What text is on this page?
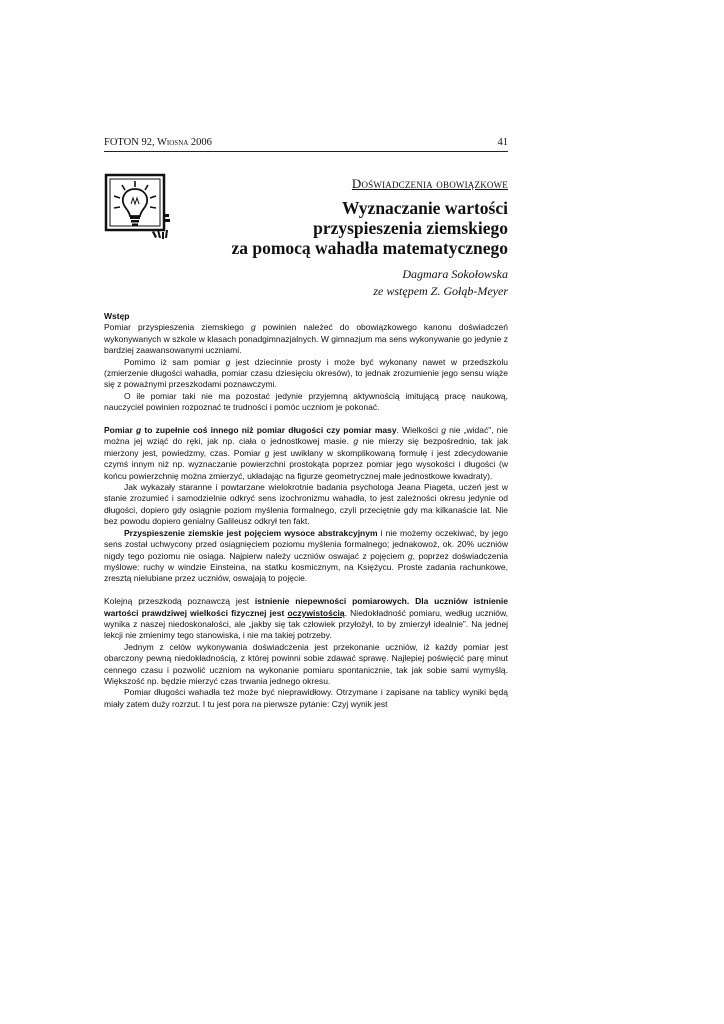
FOTON 92, Wiosna 2006	41
Doświadczenia obowiązkowe
Wyznaczanie wartości
przyspieszenia ziemskiego
za pomocą wahadła matematycznego
Dagmara Sokołowska
ze wstępem Z. Gołąb-Meyer
Wstęp

Pomiar przyspieszenia ziemskiego g powinien należeć do obowiązkowego kanonu doświadczeń wykonywanych w szkole w klasach ponadgimnazjalnych. W gimnazjum ma sens wykonywanie go jedynie z bardziej zaawansowanymi uczniami.

Pomimo iż sam pomiar g jest dziecinnie prosty i może być wykonany nawet w przedszkolu (zmierzenie długości wahadła, pomiar czasu dziesięciu okresów), to jednak zrozumienie jego sensu wiąże się z poważnymi przeszkodami poznawczymi.

O ile pomiar taki nie ma pozostać jedynie przyjemną aktywnością imitującą pracę naukową, nauczyciel powinien rozpoznać te trudności i pomóc uczniom je pokonać.

Pomiar g to zupełnie coś innego niż pomiar długości czy pomiar masy. Wielkości g nie „widać”, nie można jej wziąć do ręki, jak np. ciała o jednostkowej masie. g nie mierzy się bezpośrednio, tak jak mierzony jest, powiedzmy, czas. Pomiar g jest uwikłany w skomplikowaną formułę i jest zdecydowanie czymś innym niż np. wyznaczanie powierzchni prostokąta poprzez pomiar jego wysokości i długości (w końcu powierzchnię można zmierzyć, układając na figurze geometrycznej małe jednostkowe kwadraty).

Jak wykazały staranne i powtarzane wielokrotnie badania psychologa Jeana Piageta, uczeń jest w stanie zrozumieć i samodzielnie odkryć sens izochronizmu wahadła, to jest zależności okresu jedynie od długości, dopiero gdy osiągnie poziom myślenia formalnego, czyli przeciętnie gdy ma kilkanaście lat. Nie bez powodu dopiero genialny Galileusz odkrył ten fakt.

Przyspieszenie ziemskie jest pojęciem wysoce abstrakcyjnym i nie możemy oczekiwać, by jego sens został uchwycony przed osiągnięciem poziomu myślenia formalnego; jednakowoż, ok. 20% uczniów nigdy tego poziomu nie osiąga. Najpierw należy uczniów oswajać z pojęciem g, poprzez doświadczenia myślowe: ruchy w windzie Einsteina, na statku kosmicznym, na Księżycu. Proste zadania rachunkowe, zresztą nielubiane przez uczniów, oswajają to pojęcie.

Kolejną przeszkodą poznawczą jest istnienie niepewności pomiarowych. Dla uczniów istnienie wartości prawdziwej wielkości fizycznej jest oczywistością. Niedokładność pomiaru, według uczniów, wynika z naszej niedoskonałości, ale „jakby się tak człowiek przyłożył, to by zmierzył idealnie”. Na jednej lekcji nie zmienimy tego stanowiska, i nie ma takiej potrzeby.

Jednym z celów wykonywania doświadczenia jest przekonanie uczniów, iż każdy pomiar jest obarczony pewną niedokładnością, z której powinni sobie zdawać sprawę. Najlepiej poświęcić parę minut cennego czasu i pozwolić uczniom na wykonanie pomiaru spontanicznie, tak jak sobie sami wymyślą. Większość np. będzie mierzyć czas trwania jednego okresu.

Pomiar długości wahadła też może być nieprawidłowy. Otrzymane i zapisane na tablicy wyniki będą miały zatem duży rozrzut. I tu jest pora na pierwsze pytanie: Czyj wynik jest
